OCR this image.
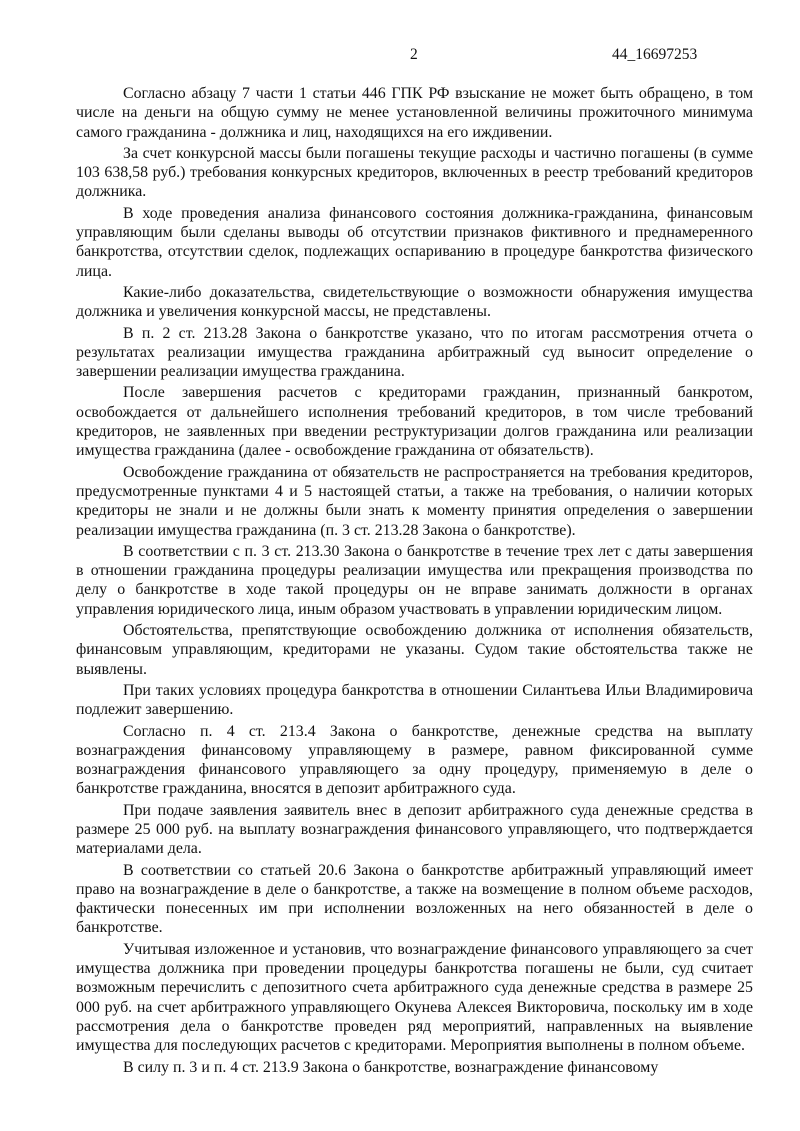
2	44_16697253

Согласно абзацу 7 части 1 статьи 446 ГПК РФ взыскание не может быть обращено, в том числе на деньги на общую сумму не менее установленной величины прожиточного минимума самого гражданина - должника и лиц, находящихся на его иждивении.

За счет конкурсной массы были погашены текущие расходы и частично погашены (в сумме 103 638,58 руб.) требования конкурсных кредиторов, включенных в реестр требований кредиторов должника.

В ходе проведения анализа финансового состояния должника-гражданина, финансовым управляющим были сделаны выводы об отсутствии признаков фиктивного и преднамеренного банкротства, отсутствии сделок, подлежащих оспариванию в процедуре банкротства физического лица.

Какие-либо доказательства, свидетельствующие о возможности обнаружения имущества должника и увеличения конкурсной массы, не представлены.

В п. 2 ст. 213.28 Закона о банкротстве указано, что по итогам рассмотрения отчета о результатах реализации имущества гражданина арбитражный суд выносит определение о завершении реализации имущества гражданина.

После завершения расчетов с кредиторами гражданин, признанный банкротом, освобождается от дальнейшего исполнения требований кредиторов, в том числе требований кредиторов, не заявленных при введении реструктуризации долгов гражданина или реализации имущества гражданина (далее - освобождение гражданина от обязательств).

Освобождение гражданина от обязательств не распространяется на требования кредиторов, предусмотренные пунктами 4 и 5 настоящей статьи, а также на требования, о наличии которых кредиторы не знали и не должны были знать к моменту принятия определения о завершении реализации имущества гражданина (п. 3 ст. 213.28 Закона о банкротстве).

В соответствии с п. 3 ст. 213.30 Закона о банкротстве в течение трех лет с даты завершения в отношении гражданина процедуры реализации имущества или прекращения производства по делу о банкротстве в ходе такой процедуры он не вправе занимать должности в органах управления юридического лица, иным образом участвовать в управлении юридическим лицом.

Обстоятельства, препятствующие освобождению должника от исполнения обязательств, финансовым управляющим, кредиторами не указаны. Судом такие обстоятельства также не выявлены.

При таких условиях процедура банкротства в отношении Силантьева Ильи Владимировича подлежит завершению.

Согласно п. 4 ст. 213.4 Закона о банкротстве, денежные средства на выплату вознаграждения финансовому управляющему в размере, равном фиксированной сумме вознаграждения финансового управляющего за одну процедуру, применяемую в деле о банкротстве гражданина, вносятся в депозит арбитражного суда.

При подаче заявления заявитель внес в депозит арбитражного суда денежные средства в размере 25 000 руб. на выплату вознаграждения финансового управляющего, что подтверждается материалами дела.

В соответствии со статьей 20.6 Закона о банкротстве арбитражный управляющий имеет право на вознаграждение в деле о банкротстве, а также на возмещение в полном объеме расходов, фактически понесенных им при исполнении возложенных на него обязанностей в деле о банкротстве.

Учитывая изложенное и установив, что вознаграждение финансового управляющего за счет имущества должника при проведении процедуры банкротства погашены не были, суд считает возможным перечислить с депозитного счета арбитражного суда денежные средства в размере 25 000 руб. на счет арбитражного управляющего Окунева Алексея Викторовича, поскольку им в ходе рассмотрения дела о банкротстве проведен ряд мероприятий, направленных на выявление имущества для последующих расчетов с кредиторами. Мероприятия выполнены в полном объеме.

В силу п. 3 и п. 4 ст. 213.9 Закона о банкротстве, вознаграждение финансовому
